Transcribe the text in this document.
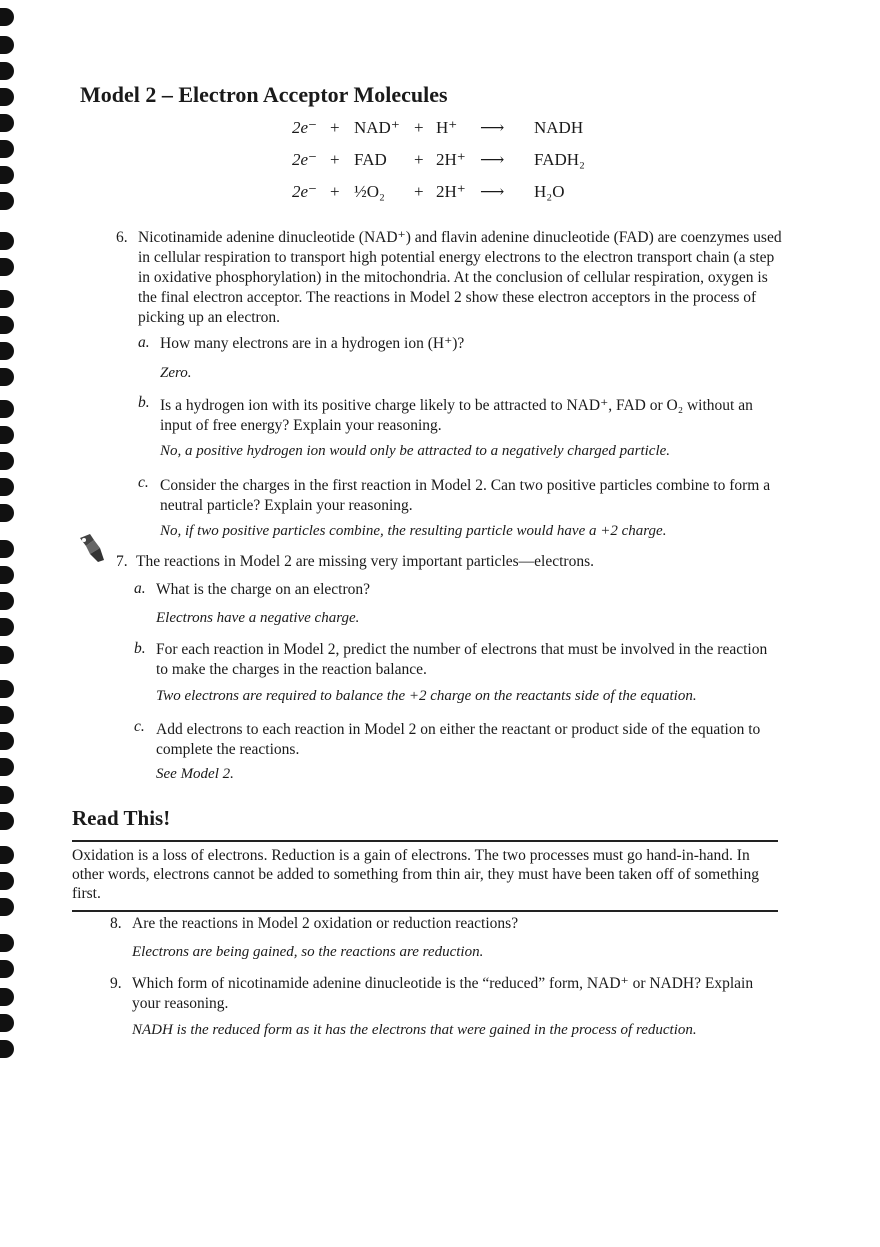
Model 2 – Electron Acceptor Molecules
2e⁻ + NAD⁺ + H⁺ ⟶ NADH
2e⁻ + FAD + 2H⁺ ⟶ FADH₂
2e⁻ + ½O₂ + 2H⁺ ⟶ H₂O
6. Nicotinamide adenine dinucleotide (NAD⁺) and flavin adenine dinucleotide (FAD) are coenzymes used in cellular respiration to transport high potential energy electrons to the electron transport chain (a step in oxidative phosphorylation) in the mitochondria. At the conclusion of cellular respiration, oxygen is the final electron acceptor. The reactions in Model 2 show these electron acceptors in the process of picking up an electron.
a. How many electrons are in a hydrogen ion (H⁺)?
Zero.
b. Is a hydrogen ion with its positive charge likely to be attracted to NAD⁺, FAD or O₂ without an input of free energy? Explain your reasoning.
No, a positive hydrogen ion would only be attracted to a negatively charged particle.
c. Consider the charges in the first reaction in Model 2. Can two positive particles combine to form a neutral particle? Explain your reasoning.
No, if two positive particles combine, the resulting particle would have a +2 charge.
7. The reactions in Model 2 are missing very important particles—electrons.
a. What is the charge on an electron?
Electrons have a negative charge.
b. For each reaction in Model 2, predict the number of electrons that must be involved in the reaction to make the charges in the reaction balance.
Two electrons are required to balance the +2 charge on the reactants side of the equation.
c. Add electrons to each reaction in Model 2 on either the reactant or product side of the equation to complete the reactions.
See Model 2.
Read This!
Oxidation is a loss of electrons. Reduction is a gain of electrons. The two processes must go hand-in-hand. In other words, electrons cannot be added to something from thin air, they must have been taken off of something first.
8. Are the reactions in Model 2 oxidation or reduction reactions?
Electrons are being gained, so the reactions are reduction.
9. Which form of nicotinamide adenine dinucleotide is the “reduced” form, NAD⁺ or NADH? Explain your reasoning.
NADH is the reduced form as it has the electrons that were gained in the process of reduction.
